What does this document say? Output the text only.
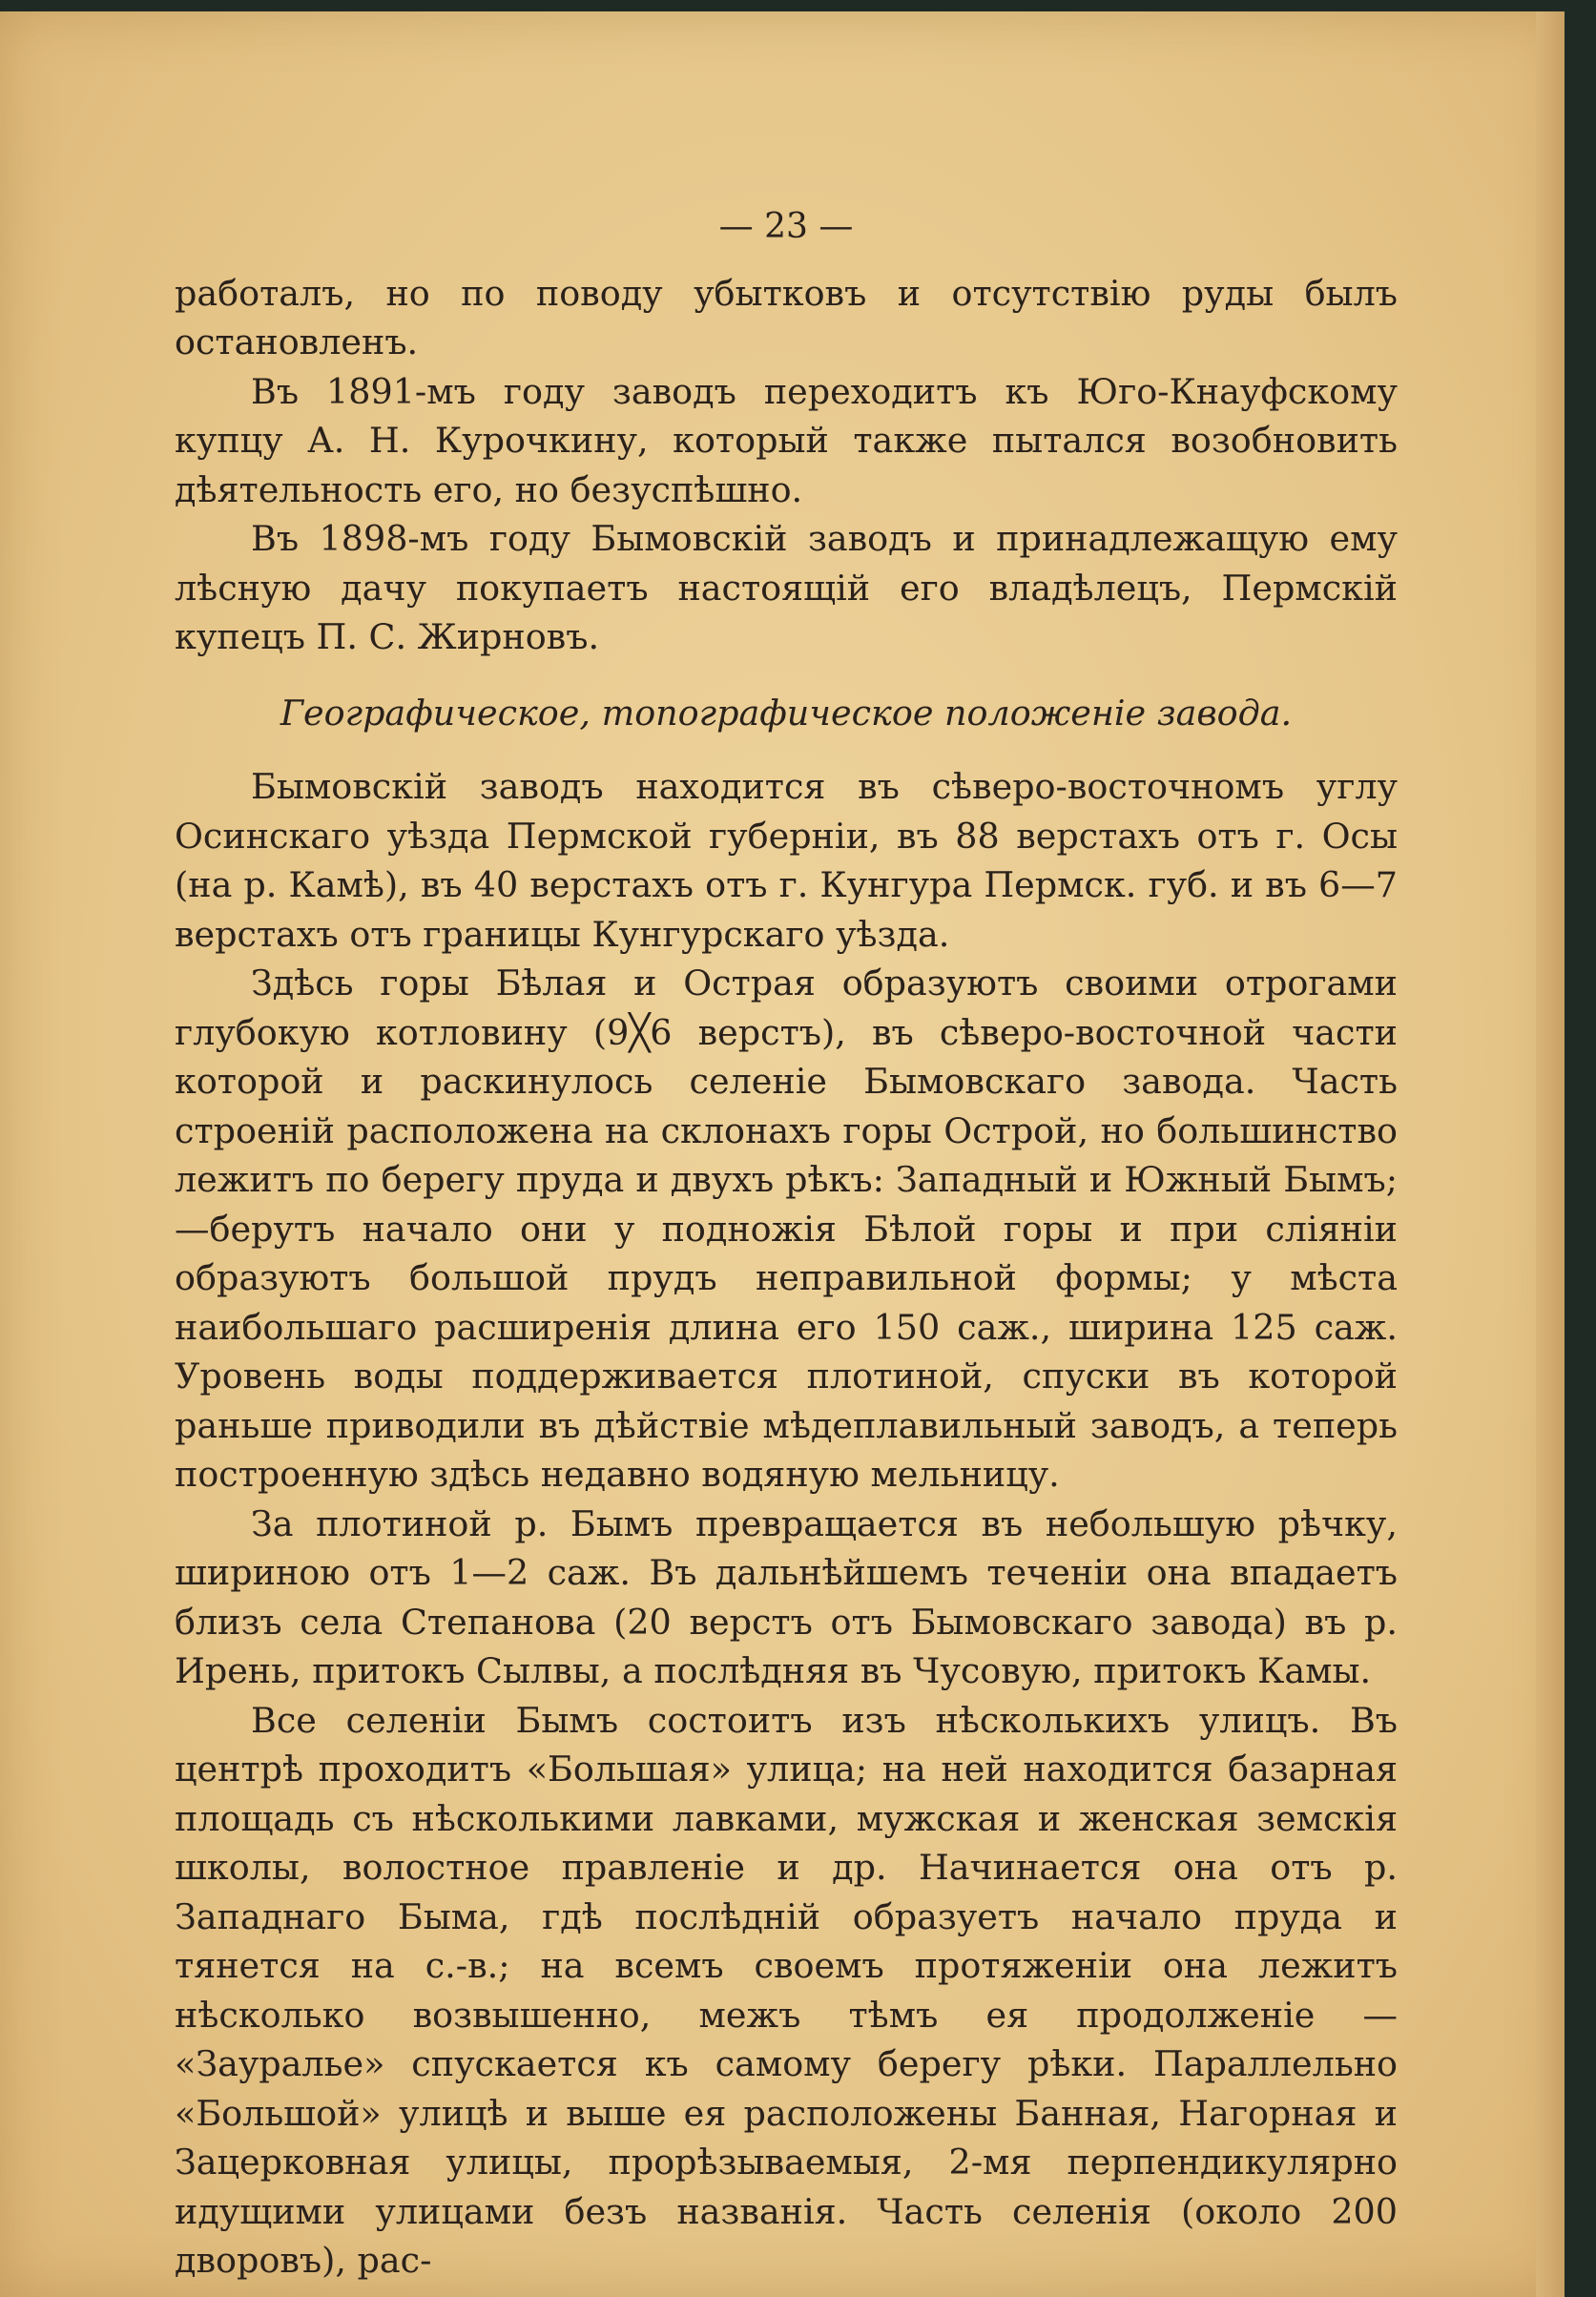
— 23 —

работалъ, но по поводу убытковъ и отсутствію руды былъ остановленъ.

Въ 1891-мъ году заводъ переходитъ къ Юго-Кнауфскому купцу А. Н. Курочкину, который также пытался возобновить дѣятельность его, но безуспѣшно.

Въ 1898-мъ году Бымовскій заводъ и принадлежащую ему лѣсную дачу покупаетъ настоящій его владѣлецъ, Пермскій купецъ П. С. Жирновъ.

Географическое, топографическое положеніе завода.

Бымовскій заводъ находится въ сѣверо-восточномъ углу Осинскаго уѣзда Пермской губерніи, въ 88 верстахъ отъ г. Осы (на р. Камѣ), въ 40 верстахъ отъ г. Кунгура Пермск. губ. и въ 6—7 верстахъ отъ границы Кунгурскаго уѣзда.

Здѣсь горы Бѣлая и Острая образуютъ своими отрогами глубокую котловину (9╳6 верстъ), въ сѣверо-восточной части которой и раскинулось селеніе Бымовскаго завода. Часть строеній расположена на склонахъ горы Острой, но большинство лежитъ по берегу пруда и двухъ рѣкъ: Западный и Южный Бымъ;—берутъ начало они у подножія Бѣлой горы и при сліяніи образуютъ большой прудъ неправильной формы; у мѣста наибольшаго расширенія длина его 150 саж., ширина 125 саж. Уровень воды поддерживается плотиной, спуски въ которой раньше приводили въ дѣйствіе мѣдеплавильный заводъ, а теперь построенную здѣсь недавно водяную мельницу.

За плотиной р. Бымъ превращается въ небольшую рѣчку, шириною отъ 1—2 саж. Въ дальнѣйшемъ теченіи она впадаетъ близъ села Степанова (20 верстъ отъ Бымовскаго завода) въ р. Ирень, притокъ Сылвы, а послѣдняя въ Чусовую, притокъ Камы.

Все селеніи Бымъ состоитъ изъ нѣсколькихъ улицъ. Въ центрѣ проходитъ «Большая» улица; на ней находится базарная площадь съ нѣсколькими лавками, мужская и женская земскія школы, волостное правленіе и др. Начинается она отъ р. Западнаго Быма, гдѣ послѣдній образуетъ начало пруда и тянется на с.-в.; на всемъ своемъ протяженіи она лежитъ нѣсколько возвышенно, межъ тѣмъ ея продолженіе — «Зауралье» спускается къ самому берегу рѣки. Параллельно «Большой» улицѣ и выше ея расположены Банная, Нагорная и Зацерковная улицы, прорѣзываемыя, 2-мя перпендикулярно идущими улицами безъ названія. Часть селенія (около 200 дворовъ), рас-
